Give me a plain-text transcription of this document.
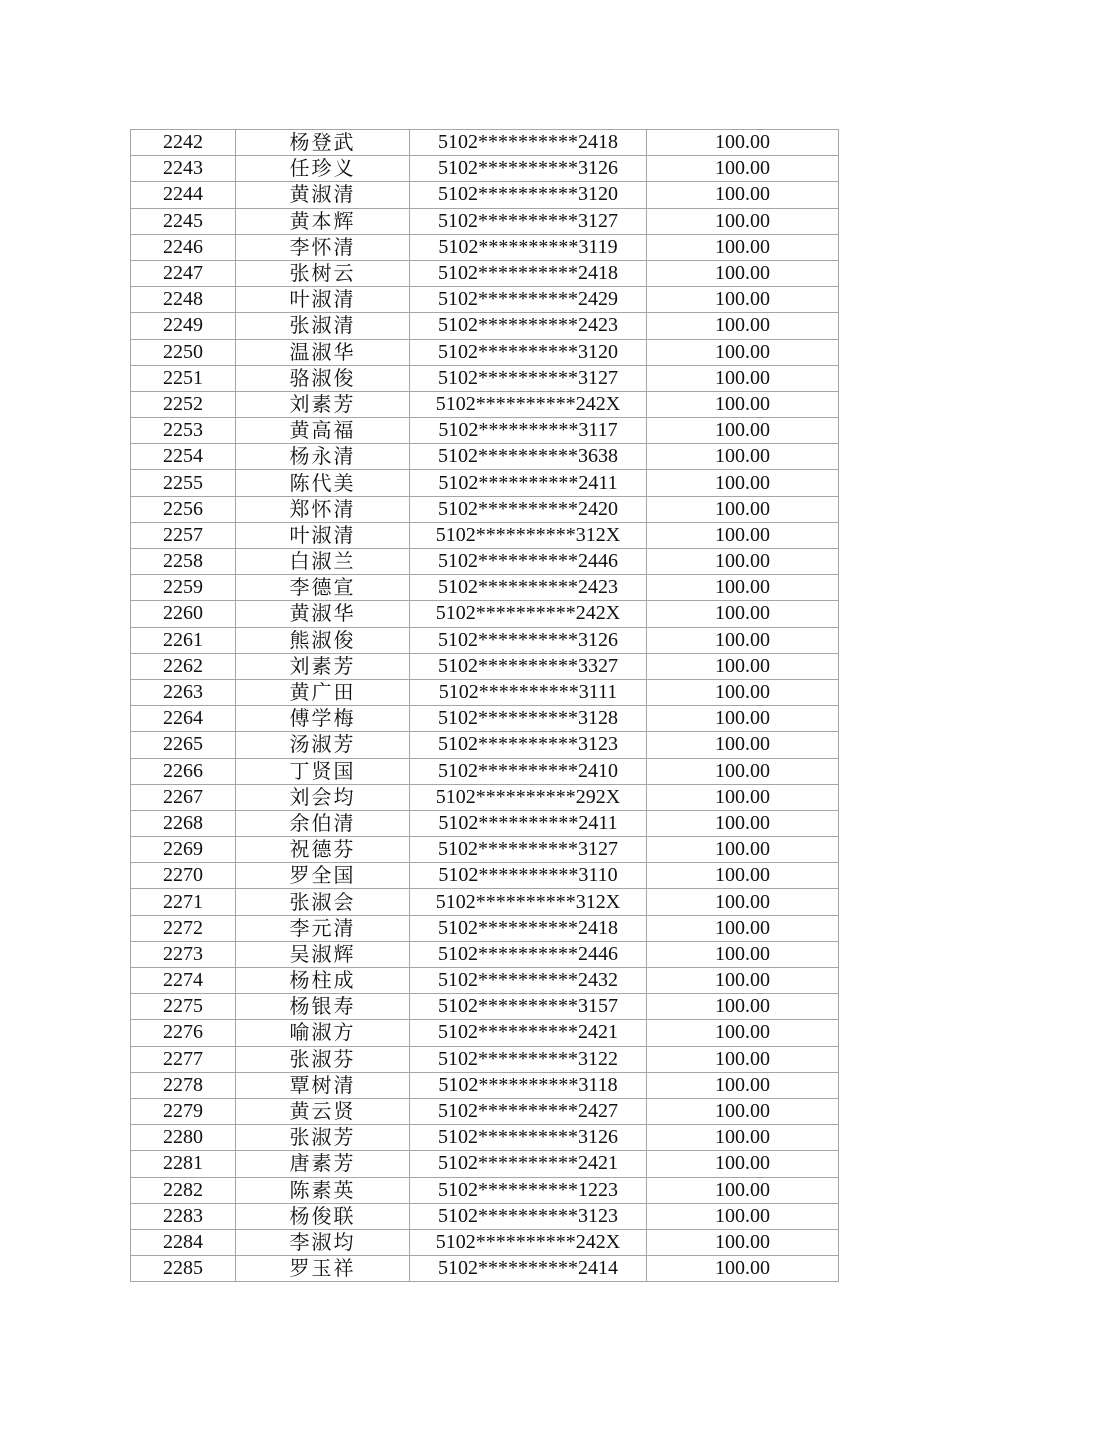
2242	杨登武	5102**********2418	100.00
2243	任珍义	5102**********3126	100.00
2244	黄淑清	5102**********3120	100.00
2245	黄本辉	5102**********3127	100.00
2246	李怀清	5102**********3119	100.00
2247	张树云	5102**********2418	100.00
2248	叶淑清	5102**********2429	100.00
2249	张淑清	5102**********2423	100.00
2250	温淑华	5102**********3120	100.00
2251	骆淑俊	5102**********3127	100.00
2252	刘素芳	5102**********242X	100.00
2253	黄高福	5102**********3117	100.00
2254	杨永清	5102**********3638	100.00
2255	陈代美	5102**********2411	100.00
2256	郑怀清	5102**********2420	100.00
2257	叶淑清	5102**********312X	100.00
2258	白淑兰	5102**********2446	100.00
2259	李德宣	5102**********2423	100.00
2260	黄淑华	5102**********242X	100.00
2261	熊淑俊	5102**********3126	100.00
2262	刘素芳	5102**********3327	100.00
2263	黄广田	5102**********3111	100.00
2264	傅学梅	5102**********3128	100.00
2265	汤淑芳	5102**********3123	100.00
2266	丁贤国	5102**********2410	100.00
2267	刘会均	5102**********292X	100.00
2268	余伯清	5102**********2411	100.00
2269	祝德芬	5102**********3127	100.00
2270	罗全国	5102**********3110	100.00
2271	张淑会	5102**********312X	100.00
2272	李元清	5102**********2418	100.00
2273	吴淑辉	5102**********2446	100.00
2274	杨柱成	5102**********2432	100.00
2275	杨银寿	5102**********3157	100.00
2276	喻淑方	5102**********2421	100.00
2277	张淑芬	5102**********3122	100.00
2278	覃树清	5102**********3118	100.00
2279	黄云贤	5102**********2427	100.00
2280	张淑芳	5102**********3126	100.00
2281	唐素芳	5102**********2421	100.00
2282	陈素英	5102**********1223	100.00
2283	杨俊联	5102**********3123	100.00
2284	李淑均	5102**********242X	100.00
2285	罗玉祥	5102**********2414	100.00
